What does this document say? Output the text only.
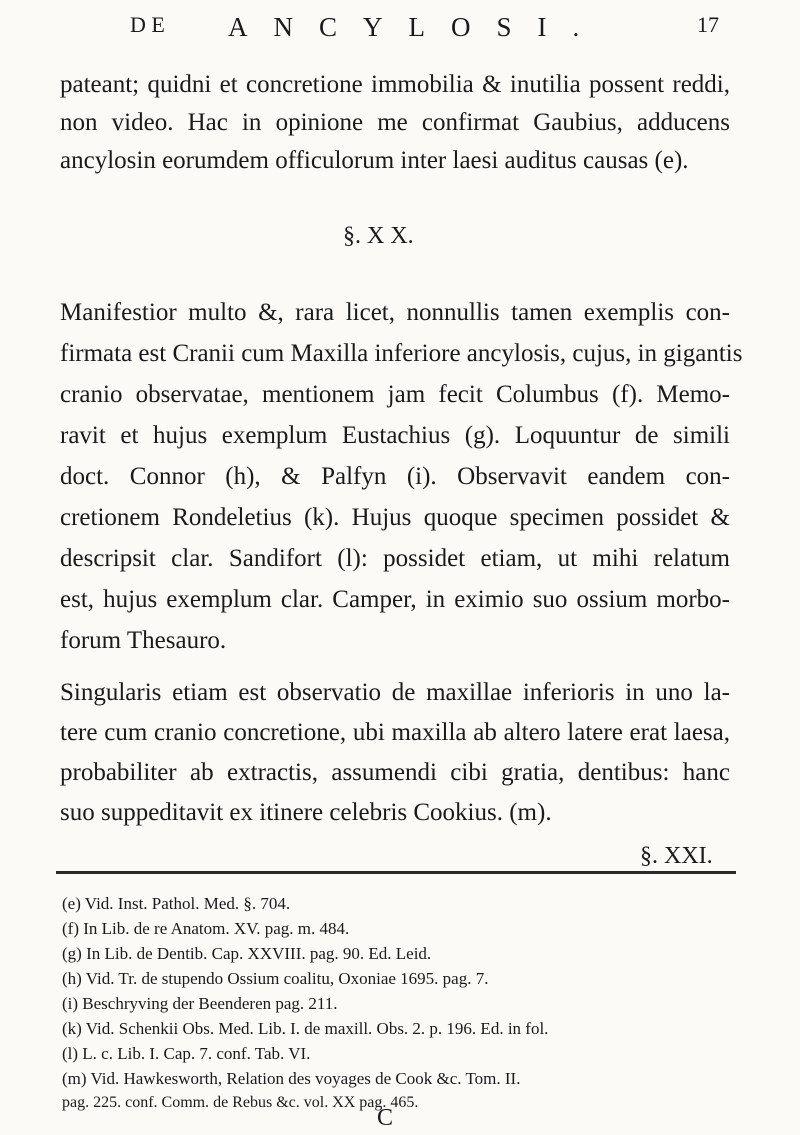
D E ANCYLOSI.	17
pateant; quidni et concretione immobilia & inutilia possent reddi,
non video. Hac in opinione me confirmat Gaubius, adducens
ancylosin eorumdem officulorum inter laesi auditus causas (e).
§. X X.
Manifestior multo &, rara licet, nonnullis tamen exemplis con-
firmata est Cranii cum Maxilla inferiore ancylosis, cujus, in gigantis
cranio observatae, mentionem jam fecit Columbus (f). Memo-
ravit et hujus exemplum Eustachius (g). Loquuntur de simili
doct. Connor (h), & Palfyn (i). Observavit eandem con-
cretionem Rondeletius (k). Hujus quoque specimen possidet &
descripsit clar. Sandifort (l): possidet etiam, ut mihi relatum
est, hujus exemplum clar. Camper, in eximio suo ossium morbo-
forum Thesauro.
Singularis etiam est observatio de maxillae inferioris in uno la-
tere cum cranio concretione, ubi maxilla ab altero latere erat laesa,
probabiliter ab extractis, assumendi cibi gratia, dentibus: hanc
suo suppeditavit ex itinere celebris Cookius. (m).
§. XXI.
(e) Vid. Inst. Pathol. Med. §. 704.
(f) In Lib. de re Anatom. XV. pag. m. 484.
(g) In Lib. de Dentib. Cap. XXVIII. pag. 90. Ed. Leid.
(h) Vid. Tr. de stupendo Ossium coalitu, Oxoniae 1695. pag. 7.
(i) Beschryving der Beenderen pag. 211.
(k) Vid. Schenkii Obs. Med. Lib. I. de maxill. Obs. 2. p. 196. Ed. in fol.
(l) L. c. Lib. I. Cap. 7. conf. Tab. VI.
(m) Vid. Hawkesworth, Relation des voyages de Cook &c. Tom. II.
pag. 225. conf. Comm. de Rebus &c. vol. XX pag. 465.
C
